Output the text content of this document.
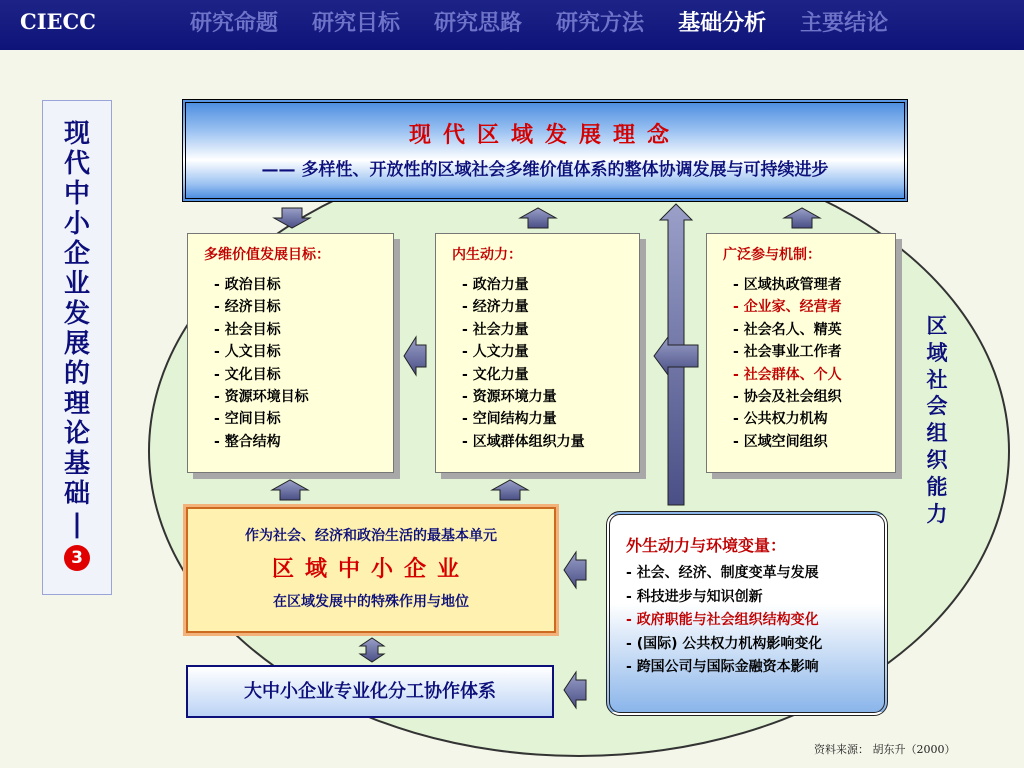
CIECC	研究命题 研究目标 研究思路 研究方法 基础分析 主要结论
现代中小企业发展的理论基础
|
3
现代区域发展理念
—— 多样性、开放性的区域社会多维价值体系的整体协调发展与可持续进步
多维价值发展目标：
- 政治目标
- 经济目标
- 社会目标
- 人文目标
- 文化目标
- 资源环境目标
- 空间目标
- 整合结构
内生动力：
- 政治力量
- 经济力量
- 社会力量
- 人文力量
- 文化力量
- 资源环境力量
- 空间结构力量
- 区域群体组织力量
广泛参与机制：
- 区域执政管理者
- 企业家、经营者
- 社会名人、精英
- 社会事业工作者
- 社会群体、个人
- 协会及社会组织
- 公共权力机构
- 区域空间组织
作为社会、经济和政治生活的最基本单元
区域中小企业
在区域发展中的特殊作用与地位
外生动力与环境变量：
- 社会、经济、制度变革与发展
- 科技进步与知识创新
- 政府职能与社会组织结构变化
- (国际) 公共权力机构影响变化
- 跨国公司与国际金融资本影响
大中小企业专业化分工协作体系
区域社会组织能力
资料来源： 胡东升（2000）
